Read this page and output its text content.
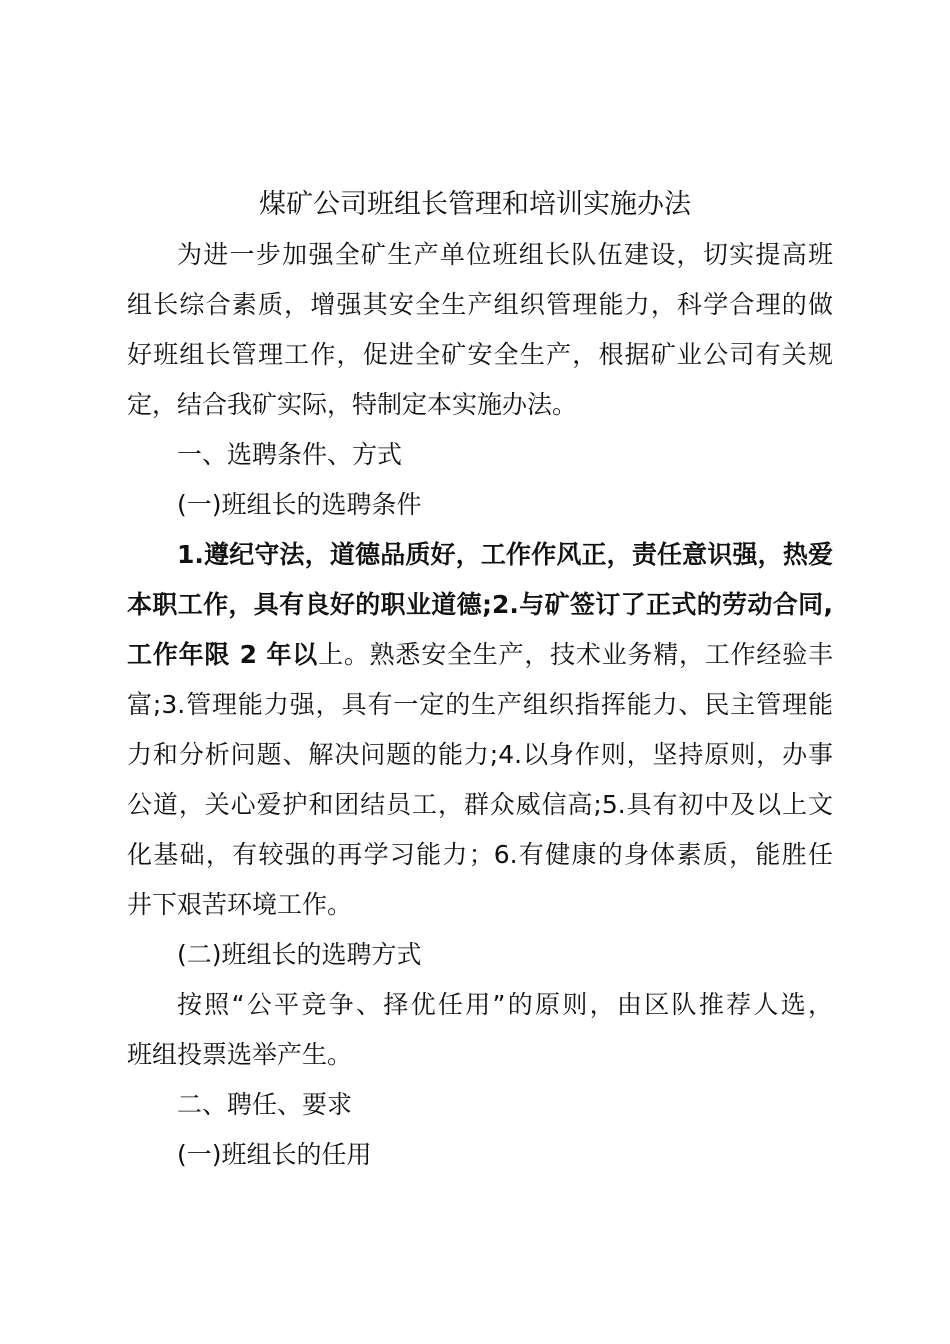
煤矿公司班组长管理和培训实施办法

为进一步加强全矿生产单位班组长队伍建设，切实提高班

组长综合素质，增强其安全生产组织管理能力，科学合理的做

好班组长管理工作，促进全矿安全生产，根据矿业公司有关规

定，结合我矿实际，特制定本实施办法。

一、选聘条件、方式

(一)班组长的选聘条件

1.遵纪守法，道德品质好，工作作风正，责任意识强，热爱

本职工作，具有良好的职业道德;2.与矿签订了正式的劳动合同,

工作年限 2 年以上。熟悉安全生产，技术业务精，工作经验丰

富;3.管理能力强，具有一定的生产组织指挥能力、民主管理能

力和分析问题、解决问题的能力;4.以身作则，坚持原则，办事

公道，关心爱护和团结员工，群众威信高;5.具有初中及以上文

化基础，有较强的再学习能力；6.有健康的身体素质，能胜任

井下艰苦环境工作。

(二)班组长的选聘方式

按照“公平竞争、择优任用”的原则，由区队推荐人选，

班组投票选举产生。

二、聘任、要求

(一)班组长的任用
